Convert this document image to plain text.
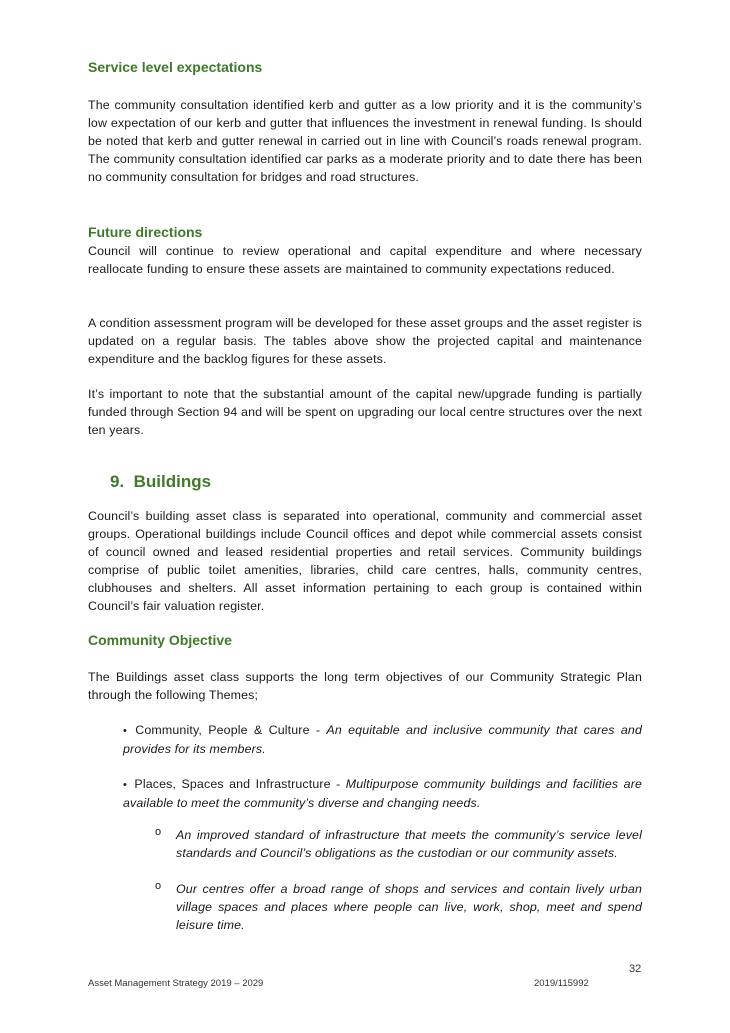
Service level expectations

The community consultation identified kerb and gutter as a low priority and it is the community’s low expectation of our kerb and gutter that influences the investment in renewal funding. Is should be noted that kerb and gutter renewal in carried out in line with Council’s roads renewal program. The community consultation identified car parks as a moderate priority and to date there has been no community consultation for bridges and road structures.

Future directions

Council will continue to review operational and capital expenditure and where necessary reallocate funding to ensure these assets are maintained to community expectations reduced.

A condition assessment program will be developed for these asset groups and the asset register is updated on a regular basis. The tables above show the projected capital and maintenance expenditure and the backlog figures for these assets.

It’s important to note that the substantial amount of the capital new/upgrade funding is partially funded through Section 94 and will be spent on upgrading our local centre structures over the next ten years.

9. Buildings

Council’s building asset class is separated into operational, community and commercial asset groups. Operational buildings include Council offices and depot while commercial assets consist of council owned and leased residential properties and retail services. Community buildings comprise of public toilet amenities, libraries, child care centres, halls, community centres, clubhouses and shelters. All asset information pertaining to each group is contained within Council’s fair valuation register.

Community Objective

The Buildings asset class supports the long term objectives of our Community Strategic Plan through the following Themes;

• Community, People & Culture - An equitable and inclusive community that cares and provides for its members.

• Places, Spaces and Infrastructure - Multipurpose community buildings and facilities are available to meet the community’s diverse and changing needs.

o	An improved standard of infrastructure that meets the community’s service level standards and Council’s obligations as the custodian or our community assets.

o	Our centres offer a broad range of shops and services and contain lively urban village spaces and places where people can live, work, shop, meet and spend leisure time.

32
Asset Management Strategy 2019 – 2029	2019/115992
